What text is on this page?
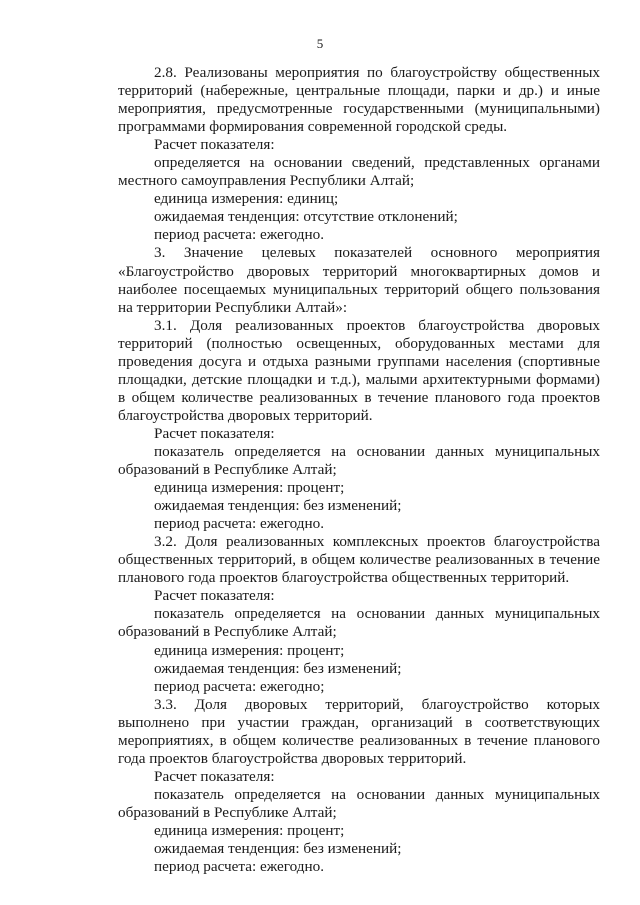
5

2.8. Реализованы мероприятия по благоустройству общественных территорий (набережные, центральные площади, парки и др.) и иные мероприятия, предусмотренные государственными (муниципальными) программами формирования современной городской среды.

Расчет показателя:

определяется на основании сведений, представленных органами местного самоуправления Республики Алтай;

единица измерения: единиц;

ожидаемая тенденция: отсутствие отклонений;

период расчета: ежегодно.

3. Значение целевых показателей основного мероприятия «Благоустройство дворовых территорий многоквартирных домов и наиболее посещаемых муниципальных территорий общего пользования на территории Республики Алтай»:

3.1. Доля реализованных проектов благоустройства дворовых территорий (полностью освещенных, оборудованных местами для проведения досуга и отдыха разными группами населения (спортивные площадки, детские площадки и т.д.), малыми архитектурными формами) в общем количестве реализованных в течение планового года проектов благоустройства дворовых территорий.

Расчет показателя:

показатель определяется на основании данных муниципальных образований в Республике Алтай;

единица измерения: процент;

ожидаемая тенденция: без изменений;

период расчета: ежегодно.

3.2. Доля реализованных комплексных проектов благоустройства общественных территорий, в общем количестве реализованных в течение планового года проектов благоустройства общественных территорий.

Расчет показателя:

показатель определяется на основании данных муниципальных образований в Республике Алтай;

единица измерения: процент;

ожидаемая тенденция: без изменений;

период расчета: ежегодно;

3.3. Доля дворовых территорий, благоустройство которых выполнено при участии граждан, организаций в соответствующих мероприятиях, в общем количестве реализованных в течение планового года проектов благоустройства дворовых территорий.

Расчет показателя:

показатель определяется на основании данных муниципальных образований в Республике Алтай;

единица измерения: процент;

ожидаемая тенденция: без изменений;

период расчета: ежегодно.
